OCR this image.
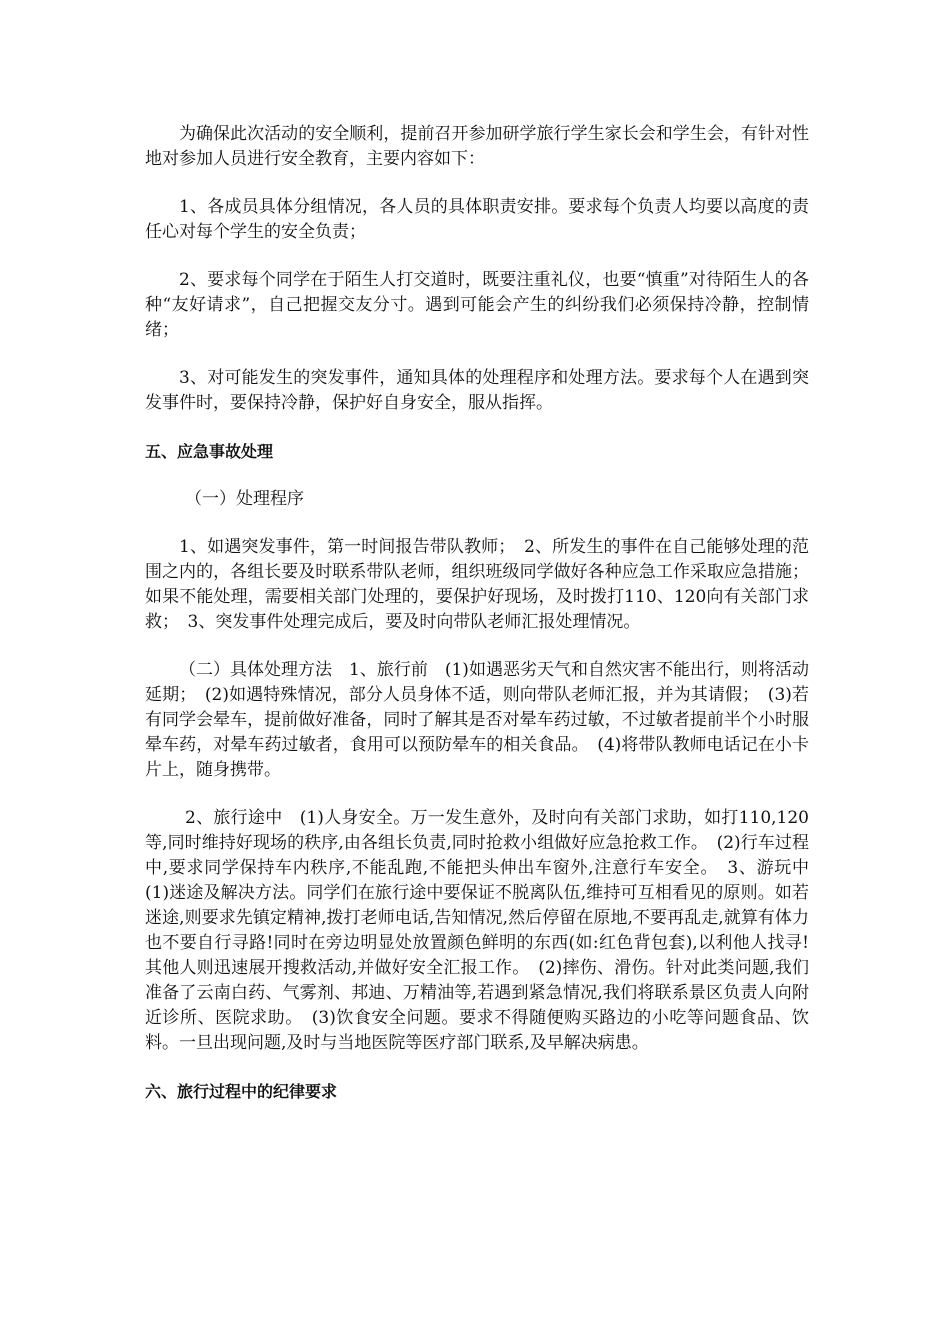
为确保此次活动的安全顺利，提前召开参加研学旅行学生家长会和学生会，有针对性地对参加人员进行安全教育，主要内容如下：

1、各成员具体分组情况，各人员的具体职责安排。要求每个负责人均要以高度的责任心对每个学生的安全负责；

2、要求每个同学在于陌生人打交道时，既要注重礼仪，也要“慎重”对待陌生人的各种“友好请求”，自己把握交友分寸。遇到可能会产生的纠纷我们必须保持冷静，控制情绪；

3、对可能发生的突发事件，通知具体的处理程序和处理方法。要求每个人在遇到突发事件时，要保持冷静，保护好自身安全，服从指挥。

五、应急事故处理
（一）处理程序

1、如遇突发事件，第一时间报告带队教师；　2、所发生的事件在自己能够处理的范围之内的，各组长要及时联系带队老师，组织班级同学做好各种应急工作采取应急措施；如果不能处理，需要相关部门处理的，要保护好现场，及时拨打110、120向有关部门求救；　3、突发事件处理完成后，要及时向带队老师汇报处理情况。

（二）具体处理方法　1、旅行前　(1)如遇恶劣天气和自然灾害不能出行，则将活动延期；　(2)如遇特殊情况，部分人员身体不适，则向带队老师汇报，并为其请假；　(3)若有同学会晕车，提前做好准备，同时了解其是否对晕车药过敏，不过敏者提前半个小时服晕车药，对晕车药过敏者，食用可以预防晕车的相关食品。　(4)将带队教师电话记在小卡片上，随身携带。

2、旅行途中　(1)人身安全。万一发生意外，及时向有关部门求助，如打110,120等,同时维持好现场的秩序,由各组长负责,同时抢救小组做好应急抢救工作。　(2)行车过程中,要求同学保持车内秩序,不能乱跑,不能把头伸出车窗外,注意行车安全。　3、游玩中　(1)迷途及解决方法。同学们在旅行途中要保证不脱离队伍,维持可互相看见的原则。如若迷途,则要求先镇定精神,拨打老师电话,告知情况,然后停留在原地,不要再乱走,就算有体力也不要自行寻路!同时在旁边明显处放置颜色鲜明的东西(如:红色背包套),以利他人找寻!其他人则迅速展开搜救活动,并做好安全汇报工作。　(2)摔伤、滑伤。针对此类问题,我们准备了云南白药、气雾剂、邦迪、万精油等,若遇到紧急情况,我们将联系景区负责人向附近诊所、医院求助。　(3)饮食安全问题。要求不得随便购买路边的小吃等问题食品、饮料。一旦出现问题,及时与当地医院等医疗部门联系,及早解决病患。

六、旅行过程中的纪律要求
